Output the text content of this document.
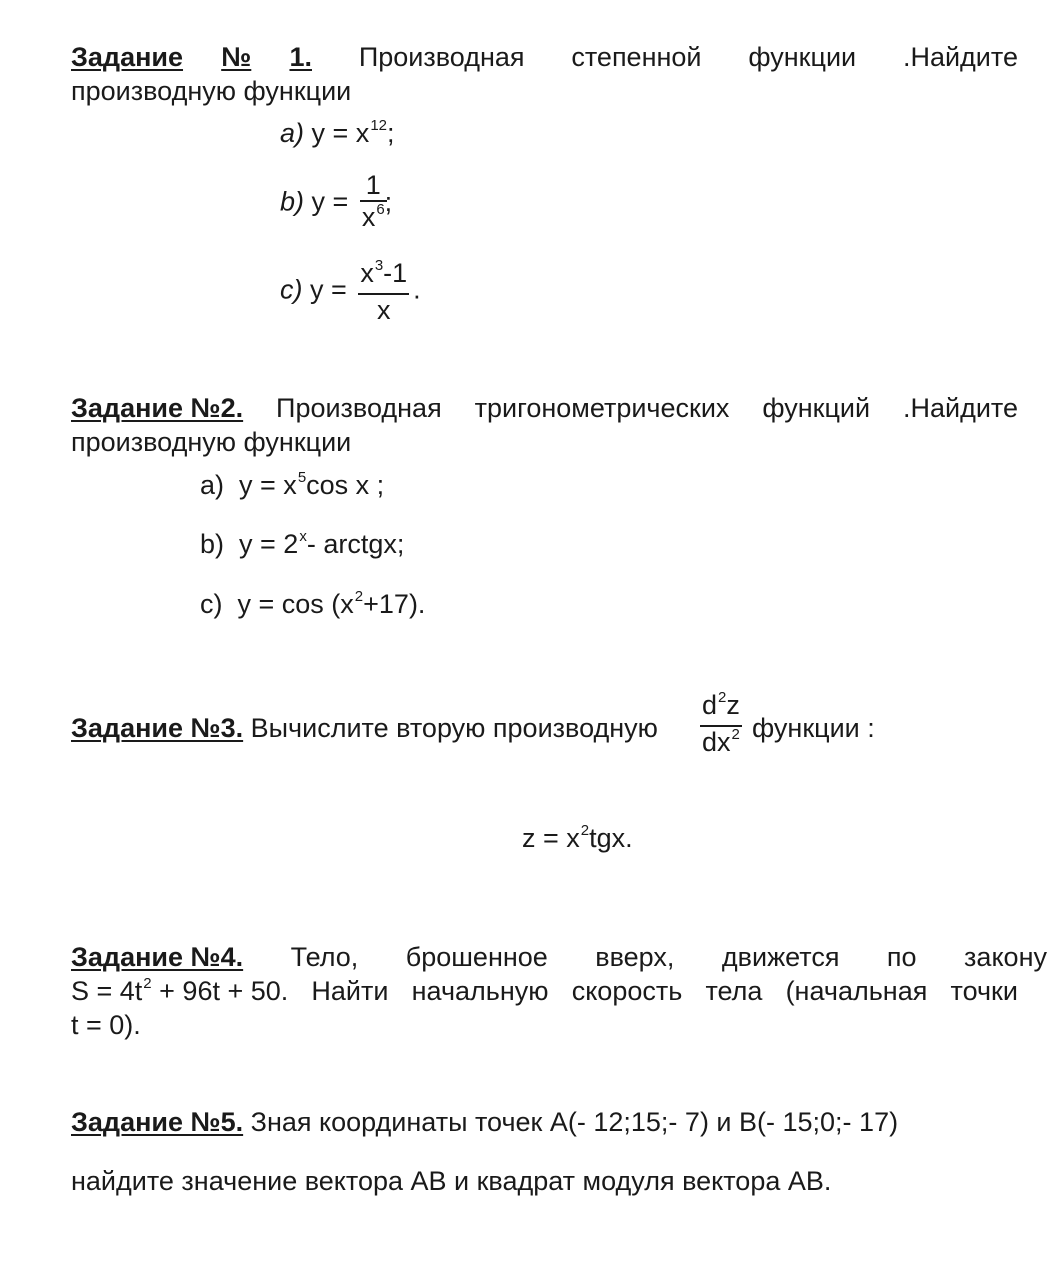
Задание № 1. Производная степенной функции .Найдите
производную функции
a) $y = x^{12}$;
b) $y = \frac{1}{x^6}$
;
c) $y = \frac{x^3-1}{x}$ .
Задание №2. Производная тригонометрических функций .Найдите
производную функции
a) $y = x^5\cos$ x ;
b) $y = 2^x-$ arctgx;
c) $y = \cos (x^2+17)$.
Задание №3. Вычислите вторую производную $\frac{d^2z}{dx^2}$ функции :
$z = x^2tgx$.
Задание №4. Тело, брошенное вверх, движется по закону
$S = 4t^2 + 96t + 50$. Найти начальную скорость тела (начальная точки
t = 0).
Задание №5. Зная координаты точек A(- 12;15;- 7) и B(- 15;0;- 17)
найдите значение вектора AB и квадрат модуля вектора AB.
